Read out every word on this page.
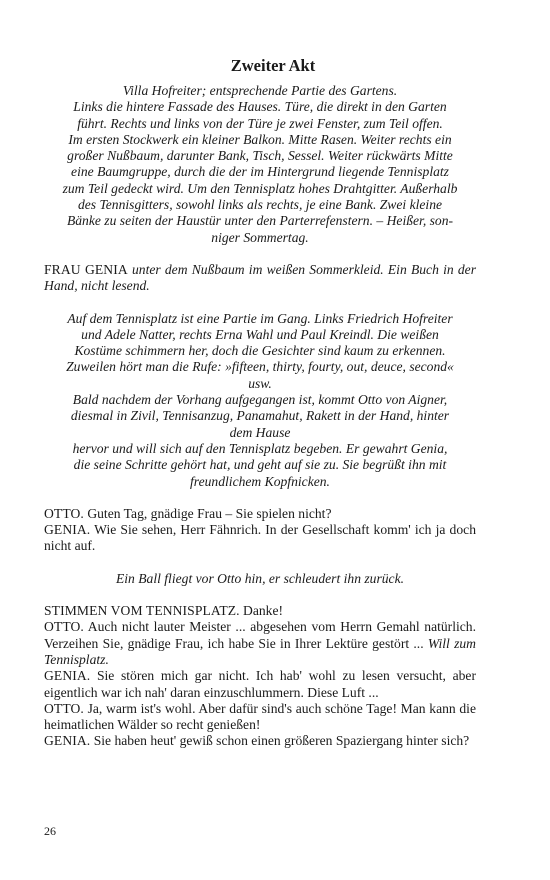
Zweiter Akt

Villa Hofreiter; entsprechende Partie des Gartens.
Links die hintere Fassade des Hauses. Türe, die direkt in den Garten
führt. Rechts und links von der Türe je zwei Fenster, zum Teil offen.
Im ersten Stockwerk ein kleiner Balkon. Mitte Rasen. Weiter rechts ein
großer Nußbaum, darunter Bank, Tisch, Sessel. Weiter rückwärts Mitte
eine Baumgruppe, durch die der im Hintergrund liegende Tennisplatz
zum Teil gedeckt wird. Um den Tennisplatz hohes Drahtgitter. Außerhalb
des Tennisgitters, sowohl links als rechts, je eine Bank. Zwei kleine
Bänke zu seiten der Haustür unter den Parterrefenstern. – Heißer, son-
niger Sommertag.

FRAU GENIA unter dem Nußbaum im weißen Sommerkleid. Ein Buch in der Hand, nicht lesend.

Auf dem Tennisplatz ist eine Partie im Gang. Links Friedrich Hofreiter
und Adele Natter, rechts Erna Wahl und Paul Kreindl. Die weißen
Kostüme schimmern her, doch die Gesichter sind kaum zu erkennen.
Zuweilen hört man die Rufe: »fifteen, thirty, fourty, out, deuce, second«
usw.
Bald nachdem der Vorhang aufgegangen ist, kommt Otto von Aigner,
diesmal in Zivil, Tennisanzug, Panamahut, Rakett in der Hand, hinter
dem Hause
hervor und will sich auf den Tennisplatz begeben. Er gewahrt Genia,
die seine Schritte gehört hat, und geht auf sie zu. Sie begrüßt ihn mit
freundlichem Kopfnicken.

OTTO. Guten Tag, gnädige Frau – Sie spielen nicht?

GENIA. Wie Sie sehen, Herr Fähnrich. In der Gesellschaft komm' ich ja doch nicht auf.

Ein Ball fliegt vor Otto hin, er schleudert ihn zurück.

STIMMEN VOM TENNISPLATZ. Danke!

OTTO. Auch nicht lauter Meister ... abgesehen vom Herrn Gemahl natürlich. Verzeihen Sie, gnädige Frau, ich habe Sie in Ihrer Lektüre gestört ... Will zum Tennisplatz.

GENIA. Sie stören mich gar nicht. Ich hab' wohl zu lesen versucht, aber eigentlich war ich nah' daran einzuschlummern. Diese Luft ...

OTTO. Ja, warm ist's wohl. Aber dafür sind's auch schöne Tage! Man kann die heimatlichen Wälder so recht genießen!

GENIA. Sie haben heut' gewiß schon einen größeren Spaziergang hinter sich?

26
